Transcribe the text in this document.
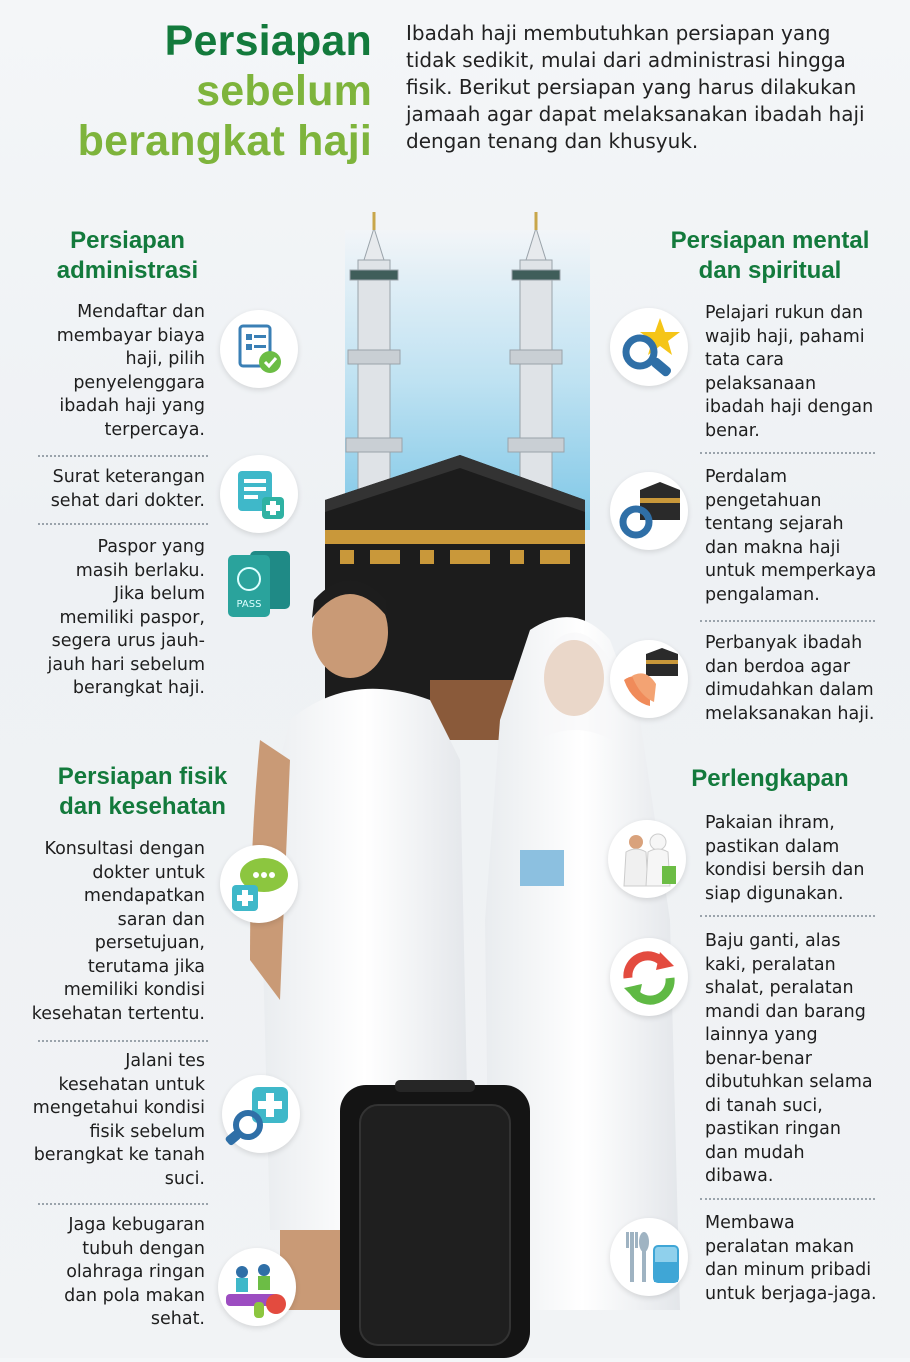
Persiapan
sebelum
berangkat haji
Ibadah haji membutuhkan persiapan yang tidak sedikit, mulai dari administrasi hingga fisik. Berikut persiapan yang harus dilakukan jamaah agar dapat melaksanakan ibadah haji dengan tenang dan khusyuk.
Persiapan
administrasi
Mendaftar dan membayar biaya haji, pilih penyelenggara ibadah haji yang terpercaya.
Surat keterangan sehat dari dokter.
Paspor yang masih berlaku. Jika belum memiliki paspor, segera urus jauh-jauh hari sebelum berangkat haji.
PASS
Persiapan fisik
dan kesehatan
Konsultasi dengan dokter untuk mendapatkan saran dan persetujuan, terutama jika memiliki kondisi kesehatan tertentu.
Jalani tes kesehatan untuk mengetahui kondisi fisik sebelum berangkat ke tanah suci.
Jaga kebugaran tubuh dengan olahraga ringan dan pola makan sehat.
Persiapan mental
dan spiritual
Pelajari rukun dan wajib haji, pahami tata cara pelaksanaan ibadah haji dengan benar.
Perdalam pengetahuan tentang sejarah dan makna haji untuk memperkaya pengalaman.
Perbanyak ibadah dan berdoa agar dimudahkan dalam melaksanakan haji.
Perlengkapan
Pakaian ihram, pastikan dalam kondisi bersih dan siap digunakan.
Baju ganti, alas kaki, peralatan shalat, peralatan mandi dan barang lainnya yang benar-benar dibutuhkan selama di tanah suci, pastikan ringan dan mudah dibawa.
Membawa peralatan makan dan minum pribadi untuk berjaga-jaga.
